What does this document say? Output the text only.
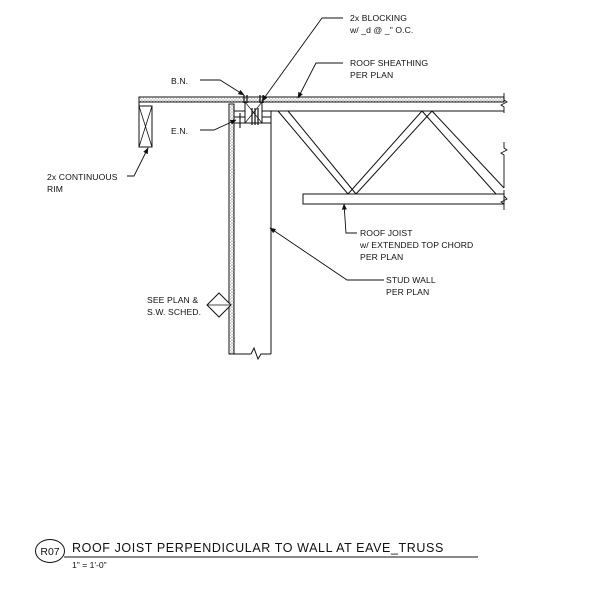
2x BLOCKING
w/ _d @ _" O.C.
ROOF SHEATHING
PER PLAN
B.N.
E.N.
2x CONTINUOUS
RIM
ROOF JOIST
w/ EXTENDED TOP CHORD
PER PLAN
STUD WALL
PER PLAN
SEE PLAN &
S.W. SCHED.
R07 ROOF JOIST PERPENDICULAR TO WALL AT EAVE_TRUSS
1" = 1'-0"
